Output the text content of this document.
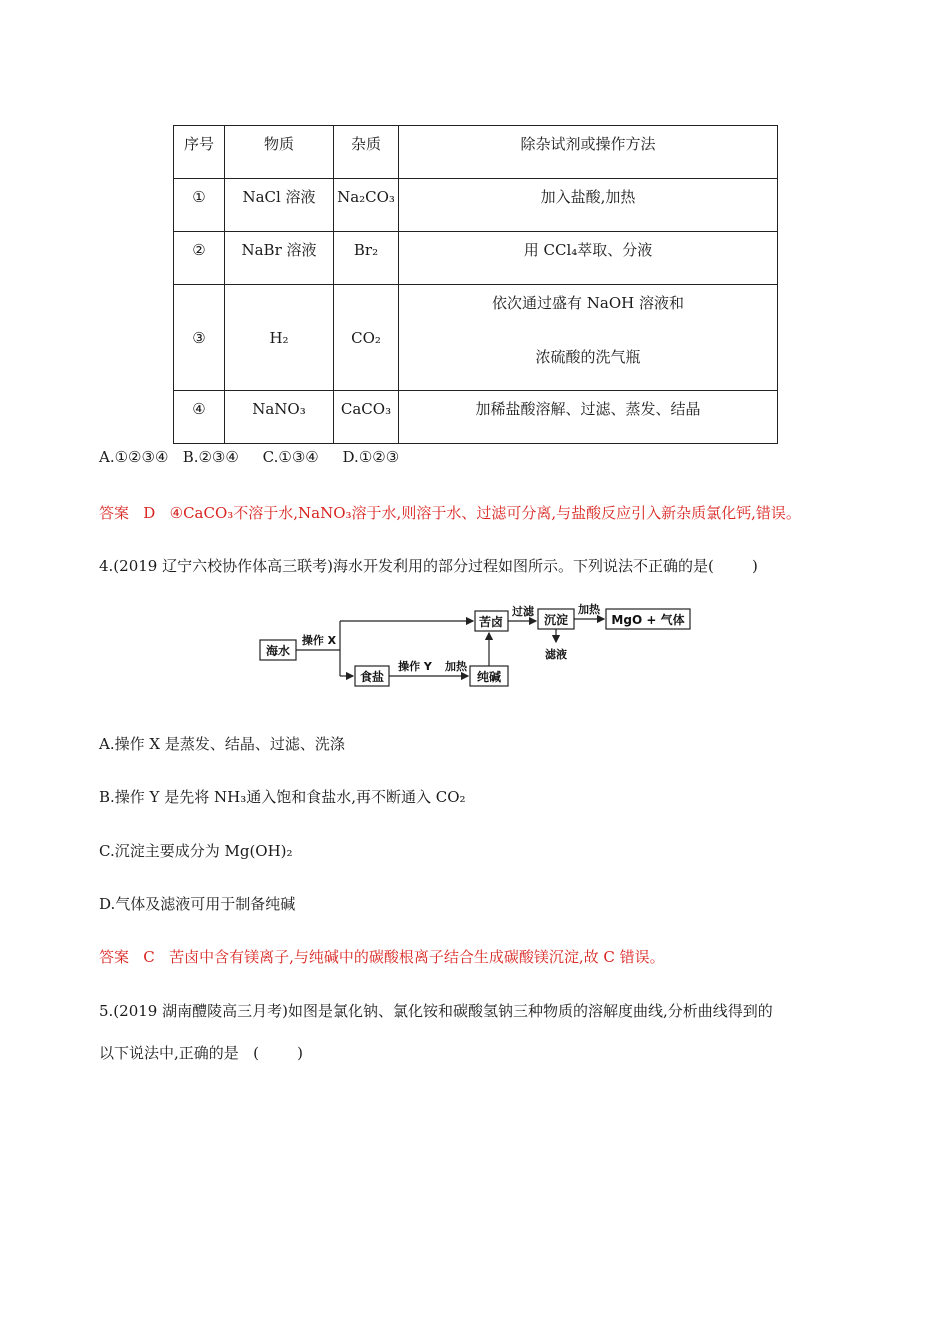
序号	物质	杂质	除杂试剂或操作方法

①	NaCl 溶液	Na₂CO₃	加入盐酸,加热

②	NaBr 溶液	Br₂	用 CCl₄萃取、分液

③	H₂	CO₂	依次通过盛有 NaOH 溶液和
浓硫酸的洗气瓶

④	NaNO₃	CaCO₃	加稀盐酸溶解、过滤、蒸发、结晶
A.①②③④   B.②③④     C.①③④     D.①②③
答案   D   ④CaCO₃不溶于水,NaNO₃溶于水,则溶于水、过滤可分离,与盐酸反应引入新杂质氯化钙,错误。
4.(2019 辽宁六校协作体高三联考)海水开发利用的部分过程如图所示。下列说法不正确的是(        )
海水
操作 X
苦卤
过滤
沉淀
加热
MgO + 气体
滤液
食盐
操作 Y 加热
纯碱
A.操作 X 是蒸发、结晶、过滤、洗涤
B.操作 Y 是先将 NH₃通入饱和食盐水,再不断通入 CO₂
C.沉淀主要成分为 Mg(OH)₂
D.气体及滤液可用于制备纯碱
答案   C   苦卤中含有镁离子,与纯碱中的碳酸根离子结合生成碳酸镁沉淀,故 C 错误。
5.(2019 湖南醴陵高三月考)如图是氯化钠、氯化铵和碳酸氢钠三种物质的溶解度曲线,分析曲线得到的
以下说法中,正确的是   (        )
